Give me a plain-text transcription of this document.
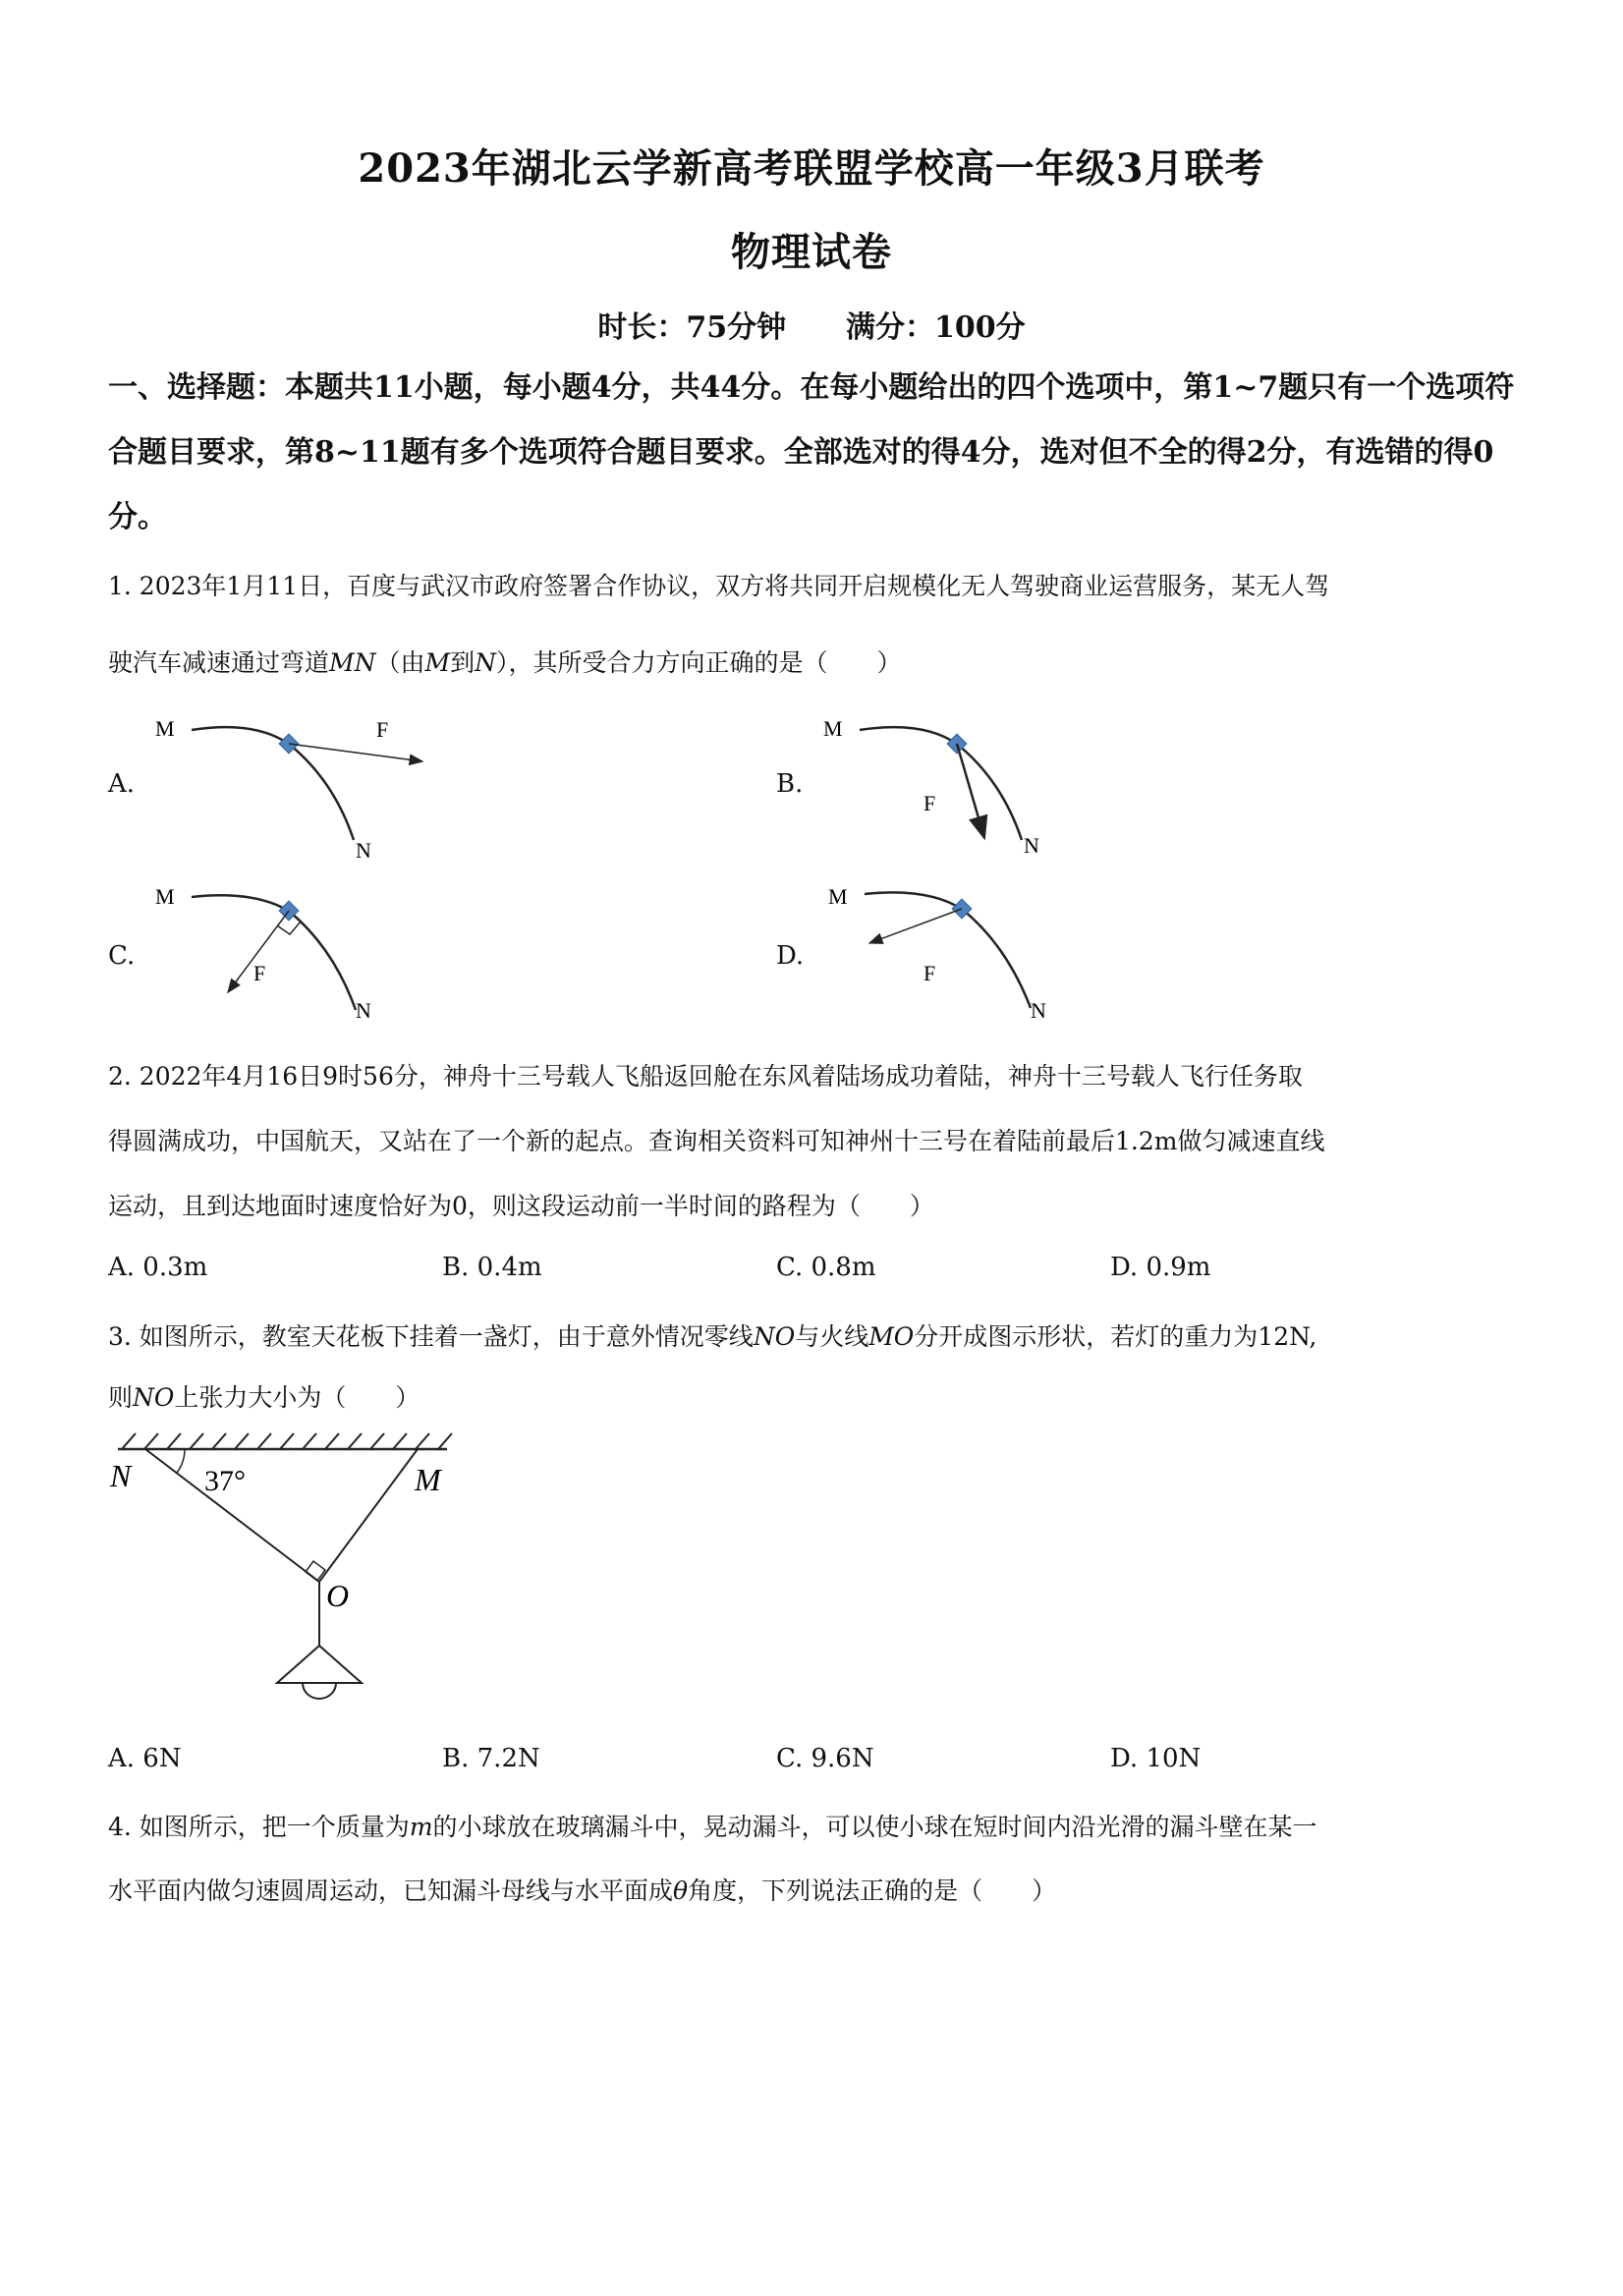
2023年湖北云学新高考联盟学校高一年级3月联考
物理试卷
时长：75分钟 满分：100分
一、选择题：本题共11小题，每小题4分，共44分。在每小题给出的四个选项中，第1~7题只有一个选项符合题目要求，第8~11题有多个选项符合题目要求。全部选对的得4分，选对但不全的得2分，有选错的得0分。
1. 2023年1月11日，百度与武汉市政府签署合作协议，双方将共同开启规模化无人驾驶商业运营服务，某无人驾
驶汽车减速通过弯道MN（由M到N），其所受合力方向正确的是（　　）
A.	B.
C.	D.
M	F
N
M
F
N
M
F
N
M
F
N
2. 2022年4月16日9时56分，神舟十三号载人飞船返回舱在东风着陆场成功着陆，神舟十三号载人飞行任务取
得圆满成功，中国航天，又站在了一个新的起点。查询相关资料可知神州十三号在着陆前最后1.2m做匀减速直线
运动，且到达地面时速度恰好为0，则这段运动前一半时间的路程为（　　）
A. 0.3m	B. 0.4m	C. 0.8m	D. 0.9m
3. 如图所示，教室天花板下挂着一盏灯，由于意外情况零线NO与火线MO分开成图示形状，若灯的重力为12N,
则NO上张力大小为（　　）
N 37°	M
O
A. 6N	B. 7.2N	C. 9.6N	D. 10N
4. 如图所示，把一个质量为m的小球放在玻璃漏斗中，晃动漏斗，可以使小球在短时间内沿光滑的漏斗壁在某一
水平面内做匀速圆周运动，已知漏斗母线与水平面成θ角度，下列说法正确的是（　　）
